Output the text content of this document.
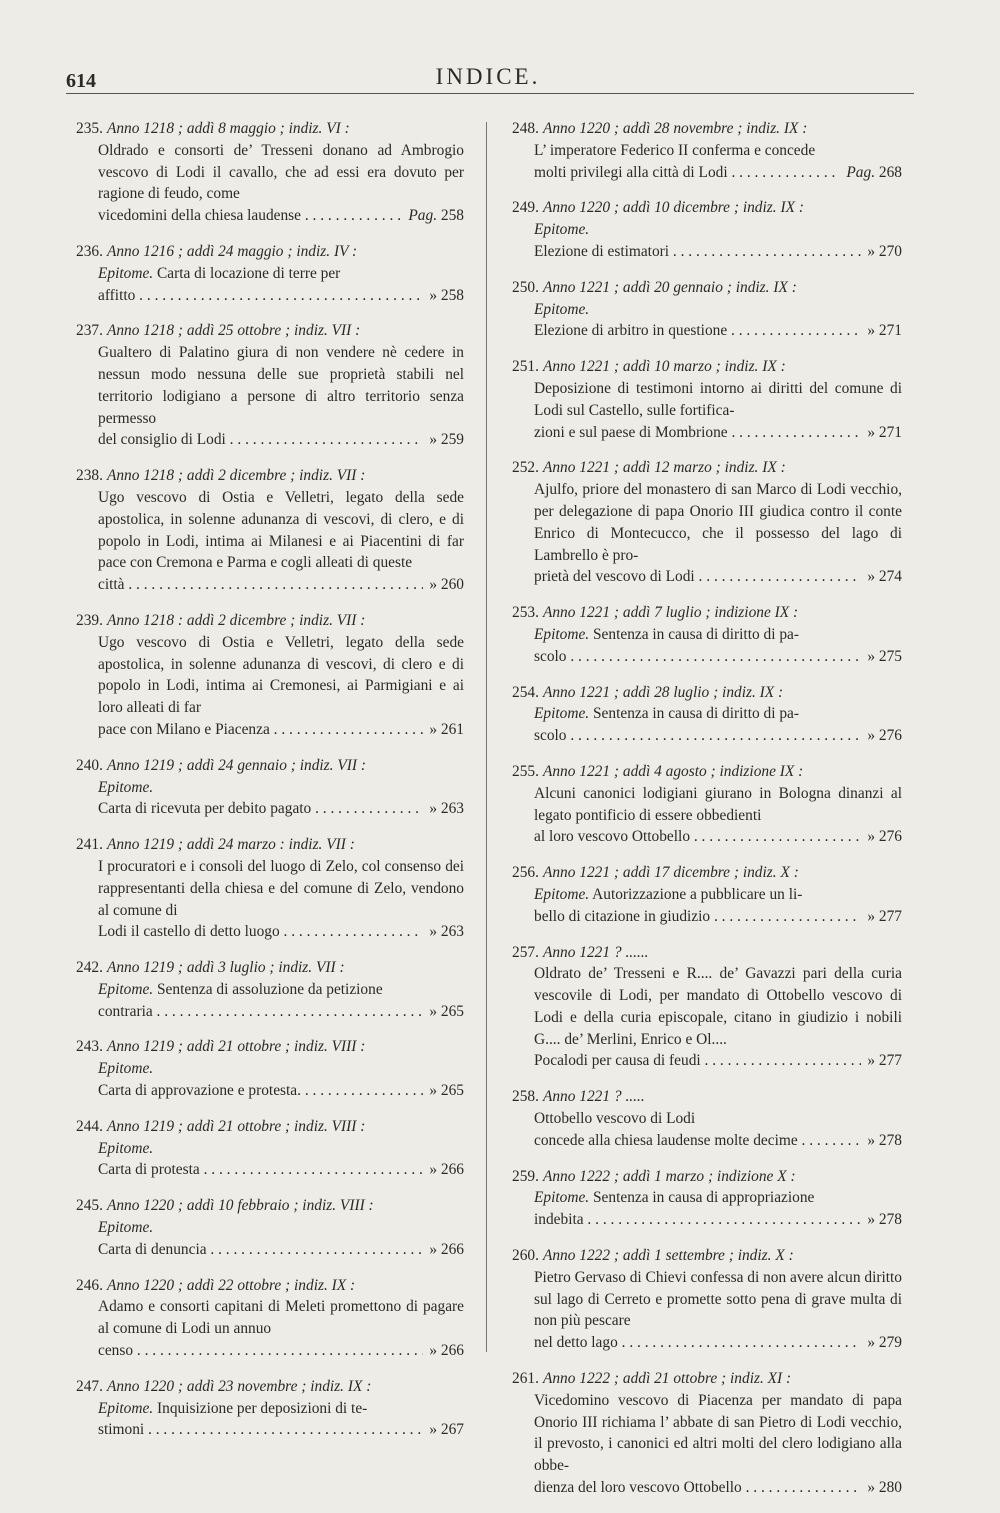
614	INDICE.
235. Anno 1218 ; addì 8 maggio ; indiz. VI :
Oldrado e consorti de’ Tresseni donano ad Ambrogio vescovo di Lodi il cavallo, che ad essi era dovuto per ragione di feudo, come
vicedomini della chiesa laudense . . .	Pag. 258
236. Anno 1216 ; addì 24 maggio ; indiz. IV :
Epitome. Carta di locazione di terre per
affitto . . .	» 258
237. Anno 1218 ; addì 25 ottobre ; indiz. VII :
Gualtero di Palatino giura di non vendere nè cedere in nessun modo nessuna delle sue proprietà stabili nel territorio lodigiano a persone di altro territorio senza permesso
del consiglio di Lodi . . .	» 259
238. Anno 1218 ; addì 2 dicembre ; indiz. VII :
Ugo vescovo di Ostia e Velletri, legato della sede apostolica, in solenne adunanza di vescovi, di clero, e di popolo in Lodi, intima ai Milanesi e ai Piacentini di far pace con Cremona e Parma e cogli alleati di queste
città . . .	» 260
239. Anno 1218 : addì 2 dicembre ; indiz. VII :
Ugo vescovo di Ostia e Velletri, legato della sede apostolica, in solenne adunanza di vescovi, di clero e di popolo in Lodi, intima ai Cremonesi, ai Parmigiani e ai loro alleati di far
pace con Milano e Piacenza . . .	» 261
240. Anno 1219 ; addì 24 gennaio ; indiz. VII :
Epitome.
Carta di ricevuta per debito pagato . . .	» 263
241. Anno 1219 ; addì 24 marzo : indiz. VII :
I procuratori e i consoli del luogo di Zelo, col consenso dei rappresentanti della chiesa e del comune di Zelo, vendono al comune di
Lodi il castello di detto luogo . . .	» 263
242. Anno 1219 ; addì 3 luglio ; indiz. VII :
Epitome. Sentenza di assoluzione da petizione
contraria . . .	» 265
243. Anno 1219 ; addì 21 ottobre ; indiz. VIII :
Epitome.
Carta di approvazione e protesta. . . .	» 265
244. Anno 1219 ; addì 21 ottobre ; indiz. VIII :
Epitome.
Carta di protesta . . .	» 266
245. Anno 1220 ; addì 10 febbraio ; indiz. VIII :
Epitome.
Carta di denuncia . . .	» 266
246. Anno 1220 ; addì 22 ottobre ; indiz. IX :
Adamo e consorti capitani di Meleti promettono di pagare al comune di Lodi un annuo
censo . . .	» 266
247. Anno 1220 ; addì 23 novembre ; indiz. IX :
Epitome. Inquisizione per deposizioni di te-
stimoni . . .	» 267
248. Anno 1220 ; addì 28 novembre ; indiz. IX :
L’ imperatore Federico II conferma e concede
molti privilegi alla città di Lodi . . .	Pag. 268
249. Anno 1220 ; addì 10 dicembre ; indiz. IX :
Epitome.
Elezione di estimatori . . .	» 270
250. Anno 1221 ; addì 20 gennaio ; indiz. IX :
Epitome.
Elezione di arbitro in questione . . .	» 271
251. Anno 1221 ; addì 10 marzo ; indiz. IX :
Deposizione di testimoni intorno ai diritti del comune di Lodi sul Castello, sulle fortifica-
zioni e sul paese di Mombrione . . .	» 271
252. Anno 1221 ; addì 12 marzo ; indiz. IX :
Ajulfo, priore del monastero di san Marco di Lodi vecchio, per delegazione di papa Onorio III giudica contro il conte Enrico di Montecucco, che il possesso del lago di Lambrello è pro-
prietà del vescovo di Lodi . . .	» 274
253. Anno 1221 ; addì 7 luglio ; indizione IX :
Epitome. Sentenza in causa di diritto di pa-
scolo . . .	» 275
254. Anno 1221 ; addì 28 luglio ; indiz. IX :
Epitome. Sentenza in causa di diritto di pa-
scolo . . .	» 276
255. Anno 1221 ; addì 4 agosto ; indizione IX :
Alcuni canonici lodigiani giurano in Bologna dinanzi al legato pontificio di essere obbedienti
al loro vescovo Ottobello . . .	» 276
256. Anno 1221 ; addì 17 dicembre ; indiz. X :
Epitome. Autorizzazione a pubblicare un li-
bello di citazione in giudizio . . .	» 277
257. Anno 1221 ? ......
Oldrato de’ Tresseni e R.... de’ Gavazzi pari della curia vescovile di Lodi, per mandato di Ottobello vescovo di Lodi e della curia episcopale, citano in giudizio i nobili G.... de’ Merlini, Enrico e Ol....
Pocalodi per causa di feudi . . .	» 277
258. Anno 1221 ? .....
Ottobello vescovo di Lodi
concede alla chiesa laudense molte decime . . .	» 278
259. Anno 1222 ; addì 1 marzo ; indizione X :
Epitome. Sentenza in causa di appropriazione
indebita . . .	» 278
260. Anno 1222 ; addì 1 settembre ; indiz. X :
Pietro Gervaso di Chievi confessa di non avere alcun diritto sul lago di Cerreto e promette sotto pena di grave multa di non più pescare
nel detto lago . . .	» 279
261. Anno 1222 ; addì 21 ottobre ; indiz. XI :
Vicedomino vescovo di Piacenza per mandato di papa Onorio III richiama l’ abbate di san Pietro di Lodi vecchio, il prevosto, i canonici ed altri molti del clero lodigiano alla obbe-
dienza del loro vescovo Ottobello . . .	» 280
